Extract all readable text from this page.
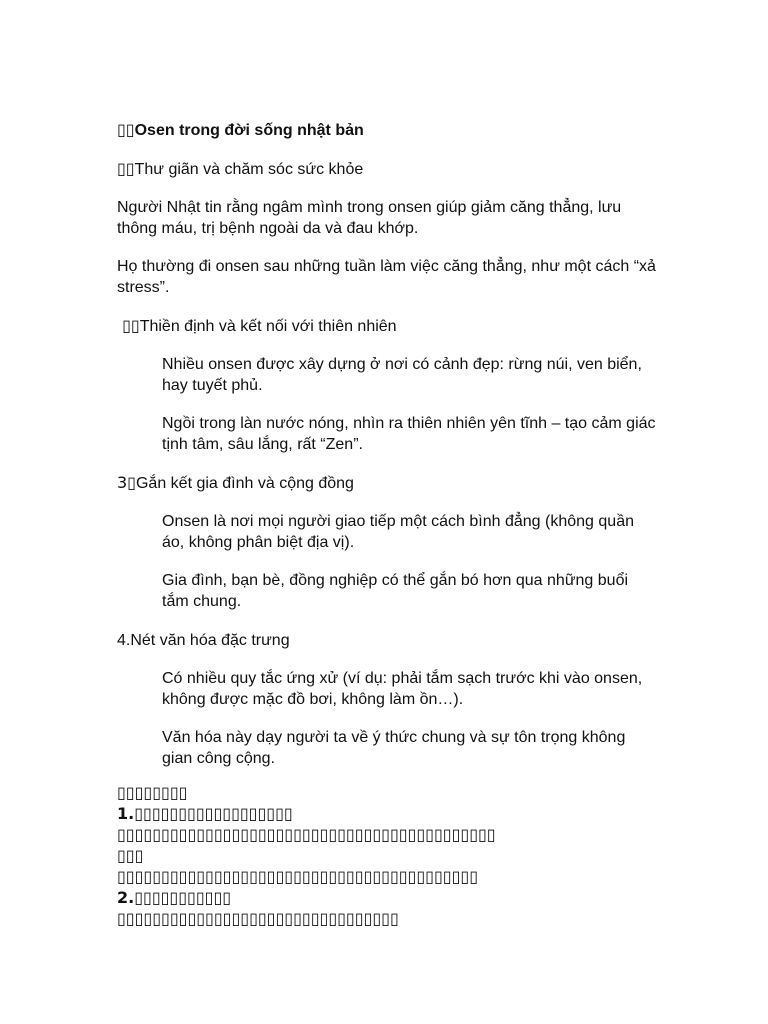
▯▯Osen trong đời sống nhật bản
▯▯Thư giãn và chăm sóc sức khỏe
Người Nhật tin rằng ngâm mình trong onsen giúp giảm căng thẳng, lưu thông máu, trị bệnh ngoài da và đau khớp.
Họ thường đi onsen sau những tuần làm việc căng thẳng, như một cách “xả stress”.
▯▯Thiền định và kết nối với thiên nhiên
Nhiều onsen được xây dựng ở nơi có cảnh đẹp: rừng núi, ven biển, hay tuyết phủ.
Ngồi trong làn nước nóng, nhìn ra thiên nhiên yên tĩnh – tạo cảm giác tịnh tâm, sâu lắng, rất “Zen”.
3▯Gắn kết gia đình và cộng đồng
Onsen là nơi mọi người giao tiếp một cách bình đẳng (không quần áo, không phân biệt địa vị).
Gia đình, bạn bè, đồng nghiệp có thể gắn bó hơn qua những buổi tắm chung.
4.Nét văn hóa đặc trưng
Có nhiều quy tắc ứng xử (ví dụ: phải tắm sạch trước khi vào onsen, không được mặc đồ bơi, không làm ồn…).
Văn hóa này dạy người ta về ý thức chung và sự tôn trọng không gian công cộng.
▯▯▯▯▯▯▯▯
1.▯▯▯▯▯▯▯▯▯▯▯▯▯▯▯▯▯▯
▯▯▯▯▯▯▯▯▯▯▯▯▯▯▯▯▯▯▯▯▯▯▯▯▯▯▯▯▯▯▯▯▯▯▯▯▯▯▯▯▯▯▯
▯▯▯
▯▯▯▯▯▯▯▯▯▯▯▯▯▯▯▯▯▯▯▯▯▯▯▯▯▯▯▯▯▯▯▯▯▯▯▯▯▯▯▯▯
2.▯▯▯▯▯▯▯▯▯▯▯
▯▯▯▯▯▯▯▯▯▯▯▯▯▯▯▯▯▯▯▯▯▯▯▯▯▯▯▯▯▯▯▯
